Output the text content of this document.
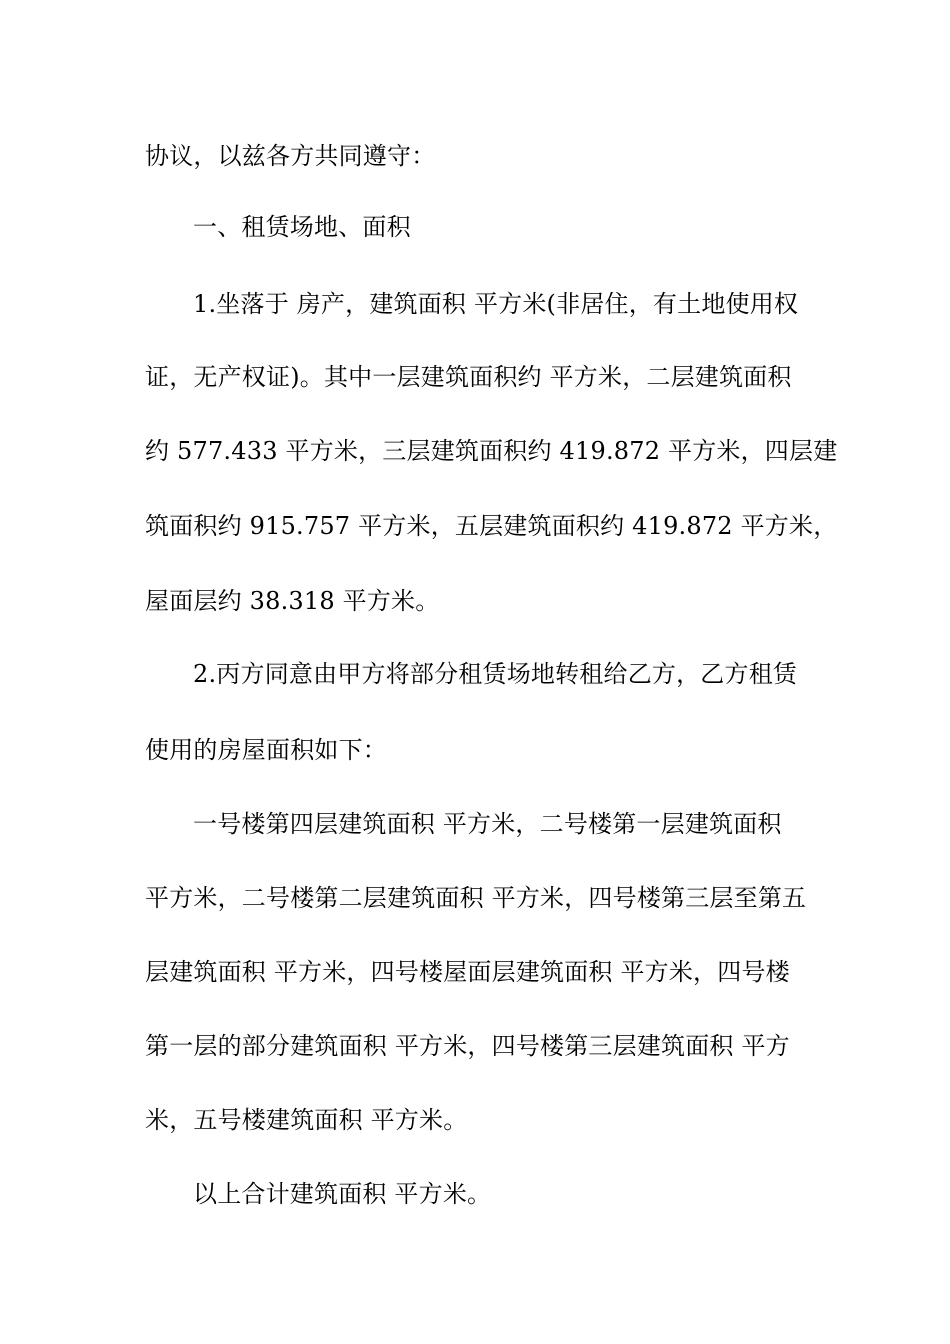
协议，以兹各方共同遵守：

一、租赁场地、面积

1.坐落于 房产，建筑面积 平方米(非居住，有土地使用权

证，无产权证)。其中一层建筑面积约 平方米，二层建筑面积

约 577.433 平方米，三层建筑面积约 419.872 平方米，四层建

筑面积约 915.757 平方米，五层建筑面积约 419.872 平方米，

屋面层约 38.318 平方米。

2.丙方同意由甲方将部分租赁场地转租给乙方，乙方租赁

使用的房屋面积如下：

一号楼第四层建筑面积 平方米，二号楼第一层建筑面积

平方米，二号楼第二层建筑面积 平方米，四号楼第三层至第五

层建筑面积 平方米，四号楼屋面层建筑面积 平方米，四号楼

第一层的部分建筑面积 平方米，四号楼第三层建筑面积 平方

米，五号楼建筑面积 平方米。

以上合计建筑面积 平方米。
